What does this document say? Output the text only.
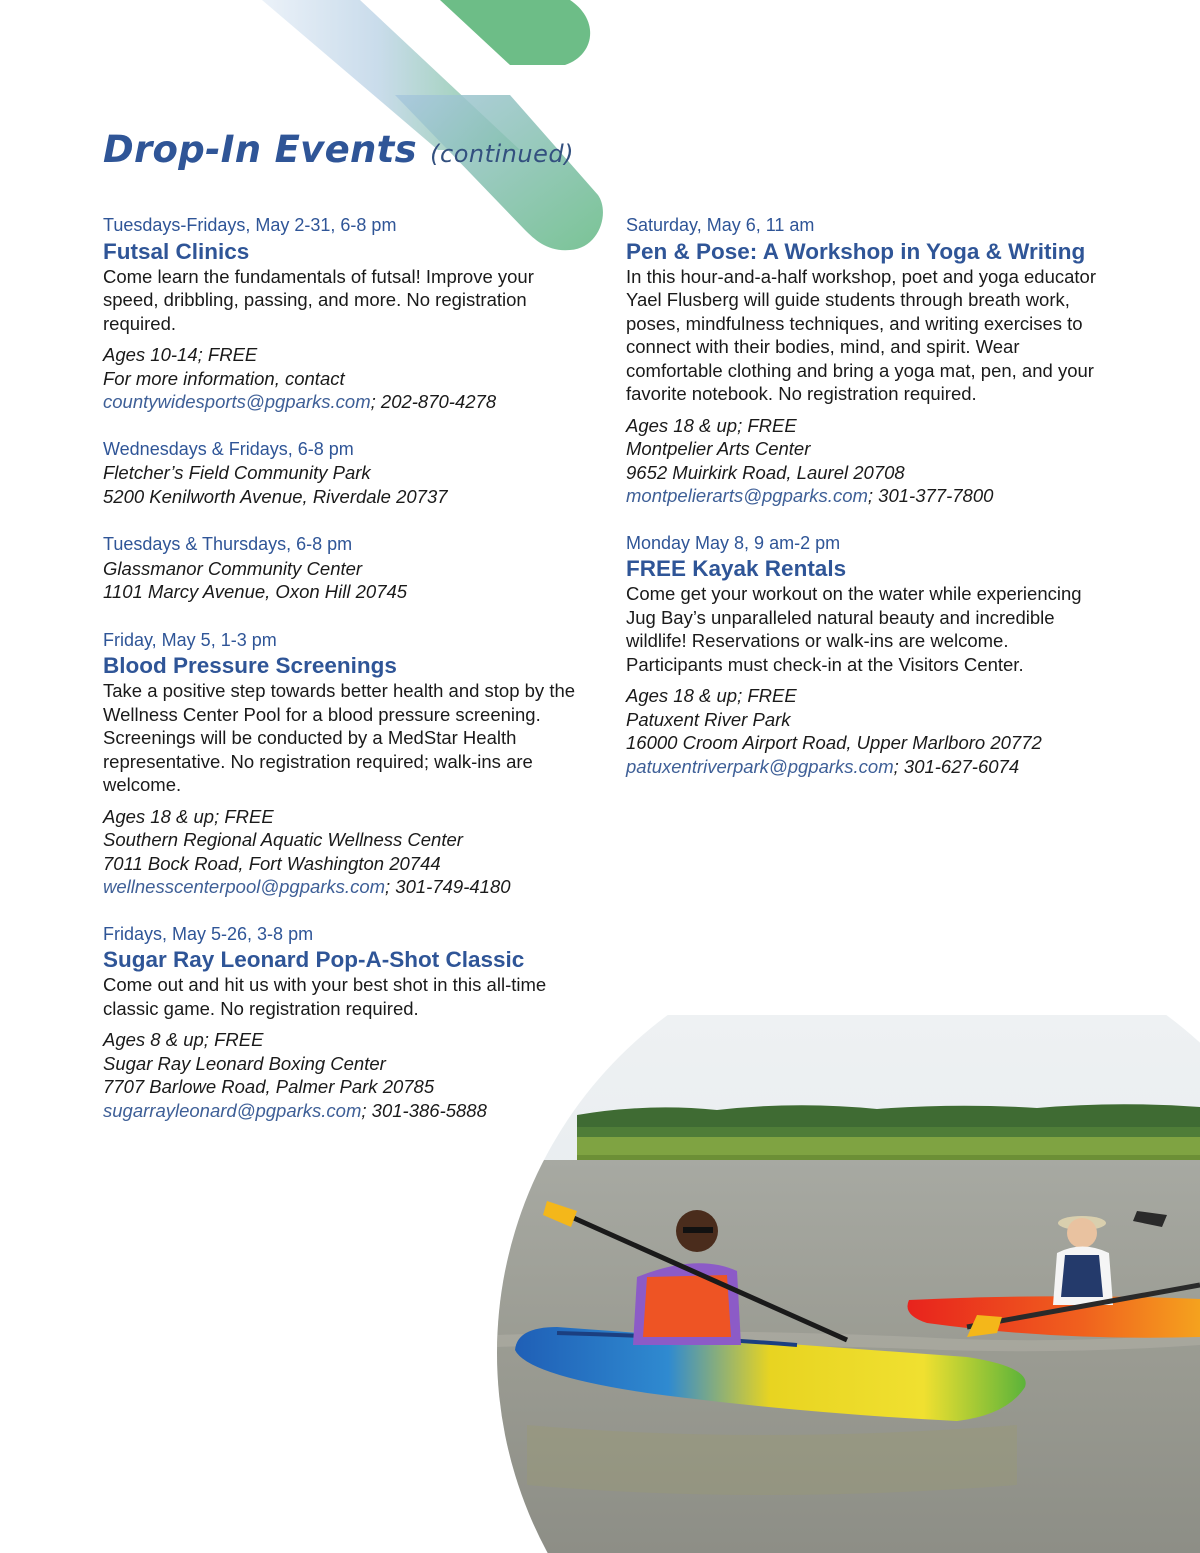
Drop-In Events (continued)
Tuesdays-Fridays, May 2-31, 6-8 pm
Futsal Clinics

Come learn the fundamentals of futsal! Improve your speed, dribbling, passing, and more. No registration required.

Ages 10-14; FREE
For more information, contact
countywidesports@pgparks.com; 202-870-4278
Wednesdays & Fridays, 6-8 pm
Fletcher’s Field Community Park
5200 Kenilworth Avenue, Riverdale 20737
Tuesdays & Thursdays, 6-8 pm
Glassmanor Community Center
1101 Marcy Avenue, Oxon Hill 20745
Friday, May 5, 1-3 pm
Blood Pressure Screenings

Take a positive step towards better health and stop by the Wellness Center Pool for a blood pressure screening. Screenings will be conducted by a MedStar Health representative. No registration required; walk-ins are welcome.

Ages 18 & up; FREE
Southern Regional Aquatic Wellness Center
7011 Bock Road, Fort Washington 20744
wellnesscenterpool@pgparks.com; 301-749-4180
Fridays, May 5-26, 3-8 pm
Sugar Ray Leonard Pop-A-Shot Classic

Come out and hit us with your best shot in this all-time classic game. No registration required.

Ages 8 & up; FREE
Sugar Ray Leonard Boxing Center
7707 Barlowe Road, Palmer Park 20785
sugarrayleonard@pgparks.com; 301-386-5888
Saturday, May 6, 11 am
Pen & Pose: A Workshop in Yoga & Writing

In this hour-and-a-half workshop, poet and yoga educator Yael Flusberg will guide students through breath work, poses, mindfulness techniques, and writing exercises to connect with their bodies, mind, and spirit. Wear comfortable clothing and bring a yoga mat, pen, and your favorite notebook. No registration required.

Ages 18 & up; FREE
Montpelier Arts Center
9652 Muirkirk Road, Laurel 20708
montpelierarts@pgparks.com; 301-377-7800
Monday May 8, 9 am-2 pm
FREE Kayak Rentals

Come get your workout on the water while experiencing Jug Bay’s unparalleled natural beauty and incredible wildlife! Reservations or walk-ins are welcome. Participants must check-in at the Visitors Center.

Ages 18 & up; FREE
Patuxent River Park
16000 Croom Airport Road, Upper Marlboro 20772
patuxentriverpark@pgparks.com; 301-627-6074
